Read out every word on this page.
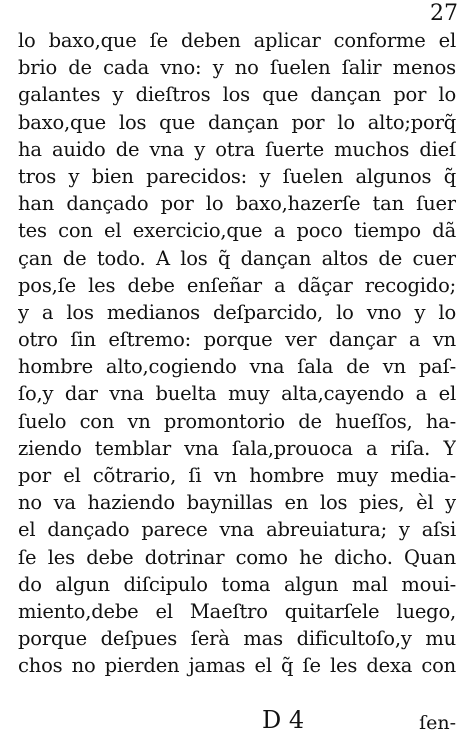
27
lo baxo,que ſe deben aplicar conforme el
brio de cada vno: y no ſuelen ſalir menos
galantes y dieſtros los que dançan por lo
baxo,que los que dançan por lo alto;porq̃
ha auido de vna y otra ſuerte muchos dieſ
tros y bien parecidos: y ſuelen algunos q̃
han dançado por lo baxo,hazerſe tan ſuer
tes con el exercicio,que a poco tiempo dã
çan de todo. A los q̃ dançan altos de cuer
pos,ſe les debe enſeñar a dãçar recogido;
y a los medianos deſparcido, lo vno y lo
otro ſin eſtremo: porque ver dançar a vn
hombre alto,cogiendo vna ſala de vn paſ-
ſo,y dar vna buelta muy alta,cayendo a el
ſuelo con vn promontorio de hueſſos, ha-
ziendo temblar vna ſala,prouoca a riſa. Y
por el cõtrario, ſi vn hombre muy media-
no va haziendo baynillas en los pies, èl y
el dançado parece vna abreuiatura; y aſsi
ſe les debe dotrinar como he dicho. Quan
do algun diſcipulo toma algun mal moui-
miento,debe el Maeſtro quitarſele luego,
porque deſpues ſerà mas dificultoſo,y mu
chos no pierden jamas el q̃ ſe les dexa con
D 4	ſen-
